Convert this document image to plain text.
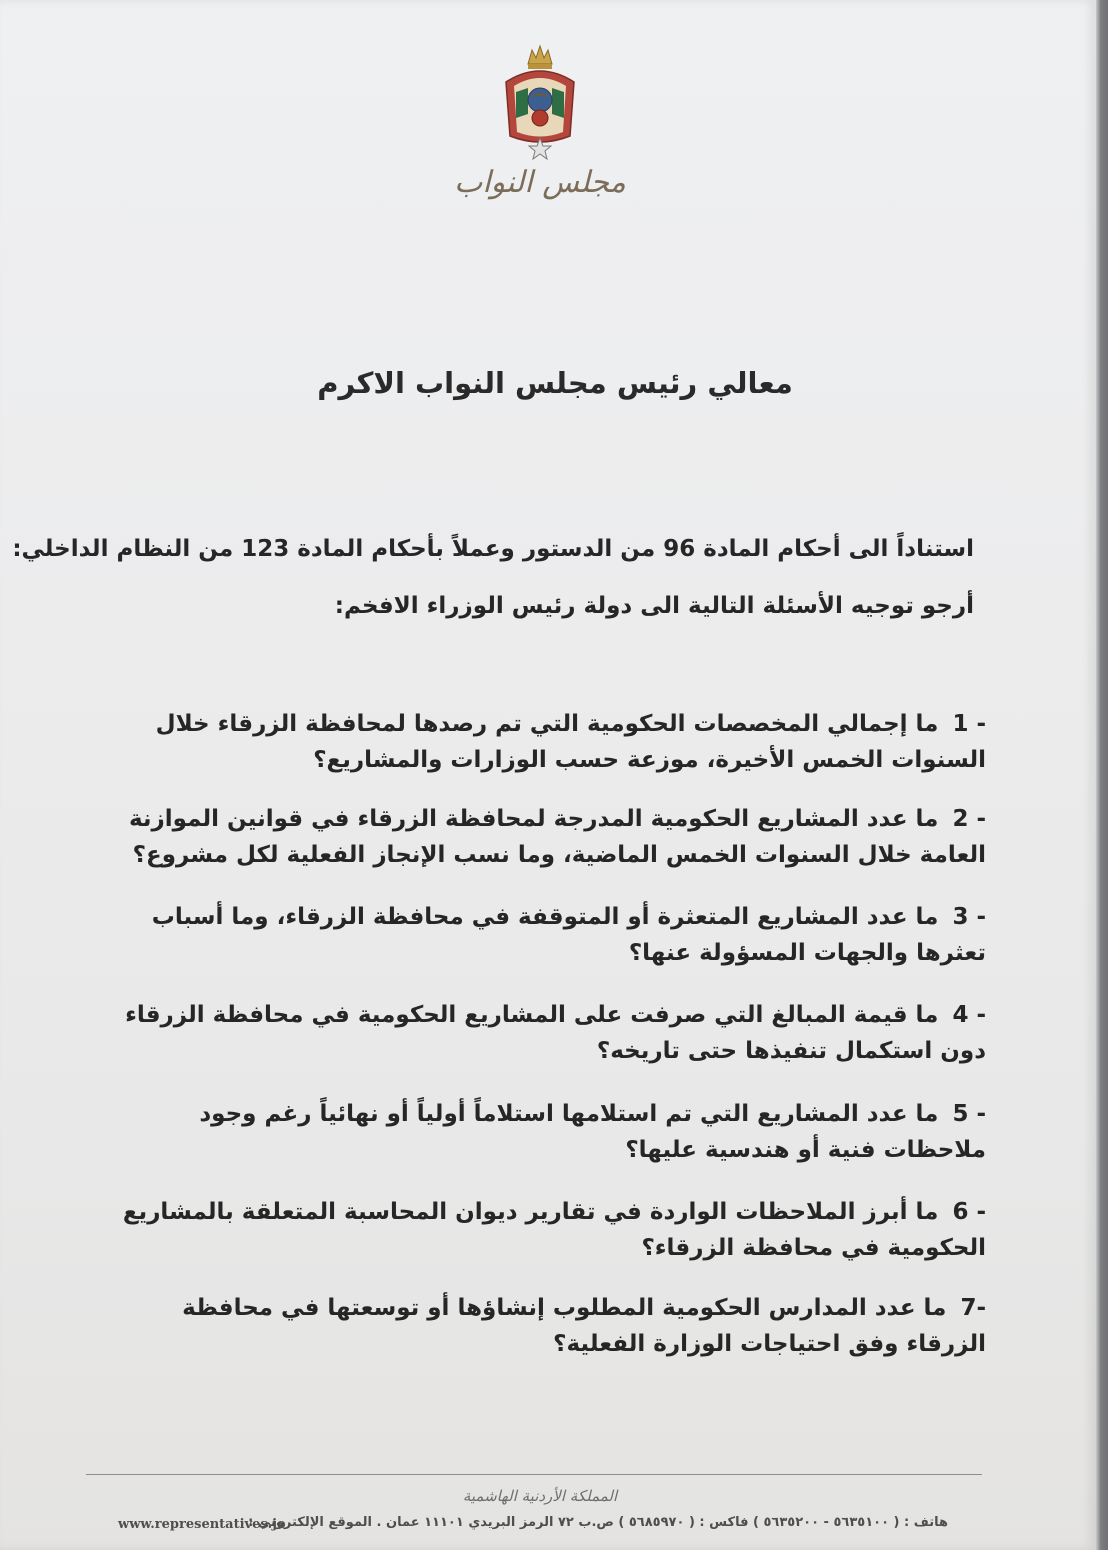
مجلس النواب
معالي رئيس مجلس النواب الاكرم
استناداً الى أحكام المادة 96 من الدستور وعملاً بأحكام المادة 123 من النظام الداخلي:
أرجو توجيه الأسئلة التالية الى دولة رئيس الوزراء الافخم:
1 - ما إجمالي المخصصات الحكومية التي تم رصدها لمحافظة الزرقاء خلال السنوات الخمس الأخيرة، موزعة حسب الوزارات والمشاريع؟
2 - ما عدد المشاريع الحكومية المدرجة لمحافظة الزرقاء في قوانين الموازنة العامة خلال السنوات الخمس الماضية، وما نسب الإنجاز الفعلية لكل مشروع؟
3 - ما عدد المشاريع المتعثرة أو المتوقفة في محافظة الزرقاء، وما أسباب تعثرها والجهات المسؤولة عنها؟
4 - ما قيمة المبالغ التي صرفت على المشاريع الحكومية في محافظة الزرقاء دون استكمال تنفيذها حتى تاريخه؟
5 - ما عدد المشاريع التي تم استلامها استلاماً أولياً أو نهائياً رغم وجود ملاحظات فنية أو هندسية عليها؟
6 - ما أبرز الملاحظات الواردة في تقارير ديوان المحاسبة المتعلقة بالمشاريع الحكومية في محافظة الزرقاء؟
7- ما عدد المدارس الحكومية المطلوب إنشاؤها أو توسعتها في محافظة الزرقاء وفق احتياجات الوزارة الفعلية؟
المملكة الأردنية الهاشمية
هاتف : ( ٥٦٣٥١٠٠ - ٥٦٣٥٢٠٠ ) فاكس : ( ٥٦٨٥٩٧٠ ) ص.ب ٧٢ الرمز البريدي ١١١٠١ عمان . الموقع الإلكتروني :
www.representatives.jo
